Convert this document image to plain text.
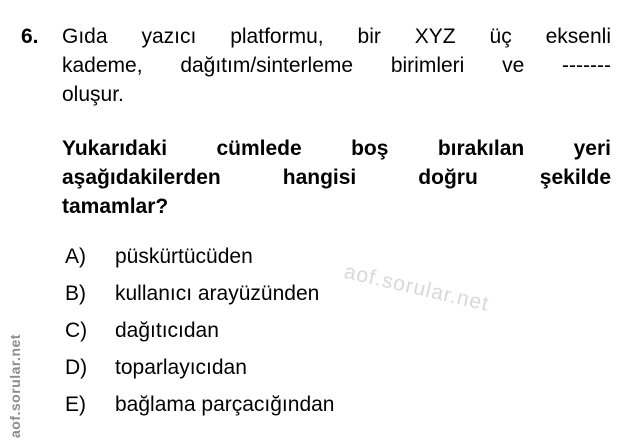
aof.sorular.net
aof.sorular.net
6. Gıda yazıcı platformu, bir XYZ üç eksenli
kademe, dağıtım/sinterleme birimleri ve -------
oluşur.
Yukarıdaki cümlede boş bırakılan yeri
aşağıdakilerden hangisi doğru şekilde
tamamlar?
A)	püskürtücüden
B)	kullanıcı arayüzünden
C)	dağıtıcıdan
D)	toparlayıcıdan
E)	bağlama parçacığından
